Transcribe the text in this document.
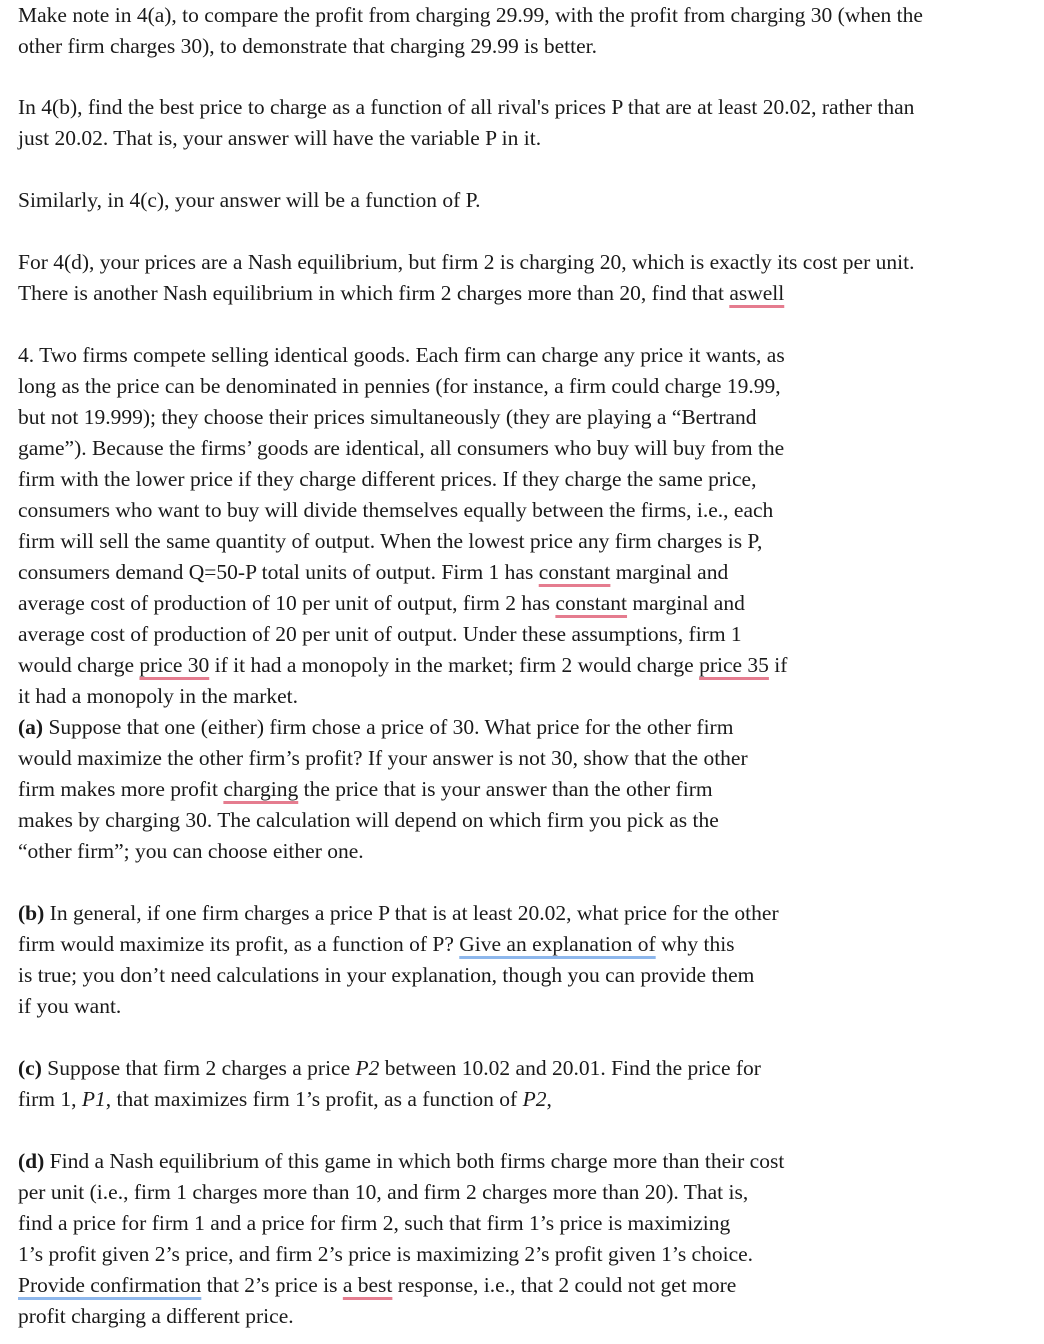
Make note in 4(a), to compare the profit from charging 29.99, with the profit from charging 30 (when the
other firm charges 30), to demonstrate that charging 29.99 is better.
In 4(b), find the best price to charge as a function of all rival's prices P that are at least 20.02, rather than
just 20.02. That is, your answer will have the variable P in it.
Similarly, in 4(c), your answer will be a function of P.
For 4(d), your prices are a Nash equilibrium, but firm 2 is charging 20, which is exactly its cost per unit.
There is another Nash equilibrium in which firm 2 charges more than 20, find that aswell
4. Two firms compete selling identical goods. Each firm can charge any price it wants, as
long as the price can be denominated in pennies (for instance, a firm could charge 19.99,
but not 19.999); they choose their prices simultaneously (they are playing a “Bertrand
game”). Because the firms’ goods are identical, all consumers who buy will buy from the
firm with the lower price if they charge different prices. If they charge the same price,
consumers who want to buy will divide themselves equally between the firms, i.e., each
firm will sell the same quantity of output. When the lowest price any firm charges is P,
consumers demand Q=50-P total units of output. Firm 1 has constant marginal and
average cost of production of 10 per unit of output, firm 2 has constant marginal and
average cost of production of 20 per unit of output. Under these assumptions, firm 1
would charge price 30 if it had a monopoly in the market; firm 2 would charge price 35 if
it had a monopoly in the market.
(a) Suppose that one (either) firm chose a price of 30. What price for the other firm
would maximize the other firm’s profit? If your answer is not 30, show that the other
firm makes more profit charging the price that is your answer than the other firm
makes by charging 30. The calculation will depend on which firm you pick as the
“other firm”; you can choose either one.
(b) In general, if one firm charges a price P that is at least 20.02, what price for the other
firm would maximize its profit, as a function of P? Give an explanation of why this
is true; you don’t need calculations in your explanation, though you can provide them
if you want.
(c) Suppose that firm 2 charges a price P2 between 10.02 and 20.01. Find the price for
firm 1, P1, that maximizes firm 1’s profit, as a function of P2,
(d) Find a Nash equilibrium of this game in which both firms charge more than their cost
per unit (i.e., firm 1 charges more than 10, and firm 2 charges more than 20). That is,
find a price for firm 1 and a price for firm 2, such that firm 1’s price is maximizing
1’s profit given 2’s price, and firm 2’s price is maximizing 2’s profit given 1’s choice.
Provide confirmation that 2’s price is a best response, i.e., that 2 could not get more
profit charging a different price.
